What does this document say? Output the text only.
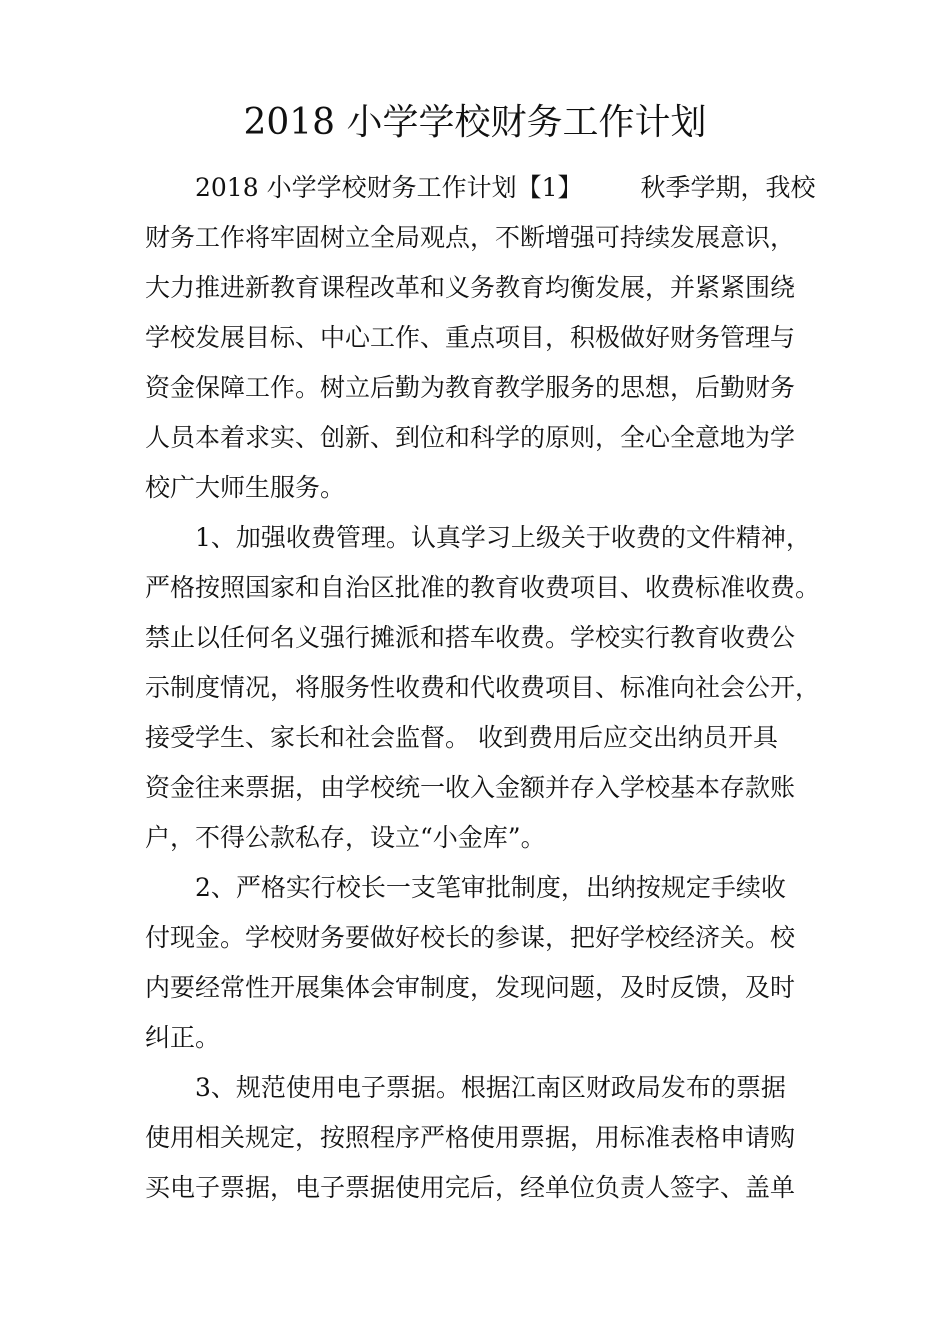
2018 小学学校财务工作计划
2018 小学学校财务工作计划【1】 秋季学期，我校
财务工作将牢固树立全局观点，不断增强可持续发展意识，
大力推进新教育课程改革和义务教育均衡发展，并紧紧围绕
学校发展目标、中心工作、重点项目，积极做好财务管理与
资金保障工作。树立后勤为教育教学服务的思想，后勤财务
人员本着求实、创新、到位和科学的原则，全心全意地为学
校广大师生服务。
1、加强收费管理。认真学习上级关于收费的文件精神，
严格按照国家和自治区批准的教育收费项目、收费标准收费。
禁止以任何名义强行摊派和搭车收费。学校实行教育收费公
示制度情况，将服务性收费和代收费项目、标准向社会公开，
接受学生、家长和社会监督。 收到费用后应交出纳员开具
资金往来票据，由学校统一收入金额并存入学校基本存款账
户，不得公款私存，设立“小金库”。
2、严格实行校长一支笔审批制度，出纳按规定手续收
付现金。学校财务要做好校长的参谋，把好学校经济关。校
内要经常性开展集体会审制度，发现问题，及时反馈，及时
纠正。
3、规范使用电子票据。根据江南区财政局发布的票据
使用相关规定，按照程序严格使用票据，用标准表格申请购
买电子票据，电子票据使用完后，经单位负责人签字、盖单
